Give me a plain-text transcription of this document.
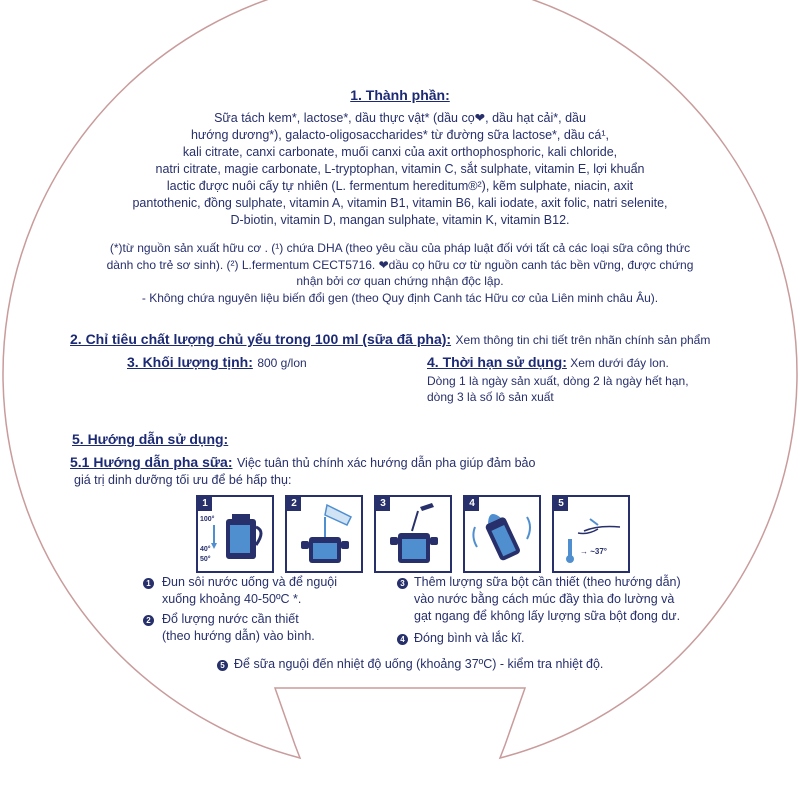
1. Thành phần:
Sữa tách kem*, lactose*, dầu thực vật* (dầu cọ❤, dầu hạt cải*, dầu
hướng dương*), galacto-oligosaccharides* từ đường sữa lactose*, dầu cá¹,
kali citrate, canxi carbonate, muối canxi của axit orthophosphoric, kali chloride,
natri citrate, magie carbonate, L-tryptophan, vitamin C, sắt sulphate, vitamin E, lợi khuẩn
lactic được nuôi cấy tự nhiên (L. fermentum hereditum®²), kẽm sulphate, niacin, axit
pantothenic, đồng sulphate, vitamin A, vitamin B1, vitamin B6, kali iodate, axit folic, natri selenite,
D-biotin, vitamin D, mangan sulphate, vitamin K, vitamin B12.
(*)từ nguồn sản xuất hữu cơ . (¹) chứa DHA (theo yêu cầu của pháp luật đối với tất cả các loại sữa công thức
dành cho trẻ sơ sinh). (²) L.fermentum CECT5716. ❤dầu cọ hữu cơ từ nguồn canh tác bền vững, được chứng
nhận bởi cơ quan chứng nhận độc lập.
- Không chứa nguyên liệu biến đổi gen (theo Quy định Canh tác Hữu cơ của Liên minh châu Âu).
2. Chỉ tiêu chất lượng chủ yếu trong 100 ml (sữa đã pha): Xem thông tin chi tiết trên nhãn chính sản phẩm
3. Khối lượng tịnh: 800 g/lon	4. Thời hạn sử dụng: Xem dưới đáy lon.
Dòng 1 là ngày sản xuất, dòng 2 là ngày hết hạn,
dòng 3 là số lô sản xuất
5. Hướng dẫn sử dụng:
5.1 Hướng dẫn pha sữa: Việc tuân thủ chính xác hướng dẫn pha giúp đảm bảo
giá trị dinh dưỡng tối ưu để bé hấp thụ:
1
100°
40°
50°
2	3	4	5
→ ~37°
1 Đun sôi nước uống và để nguội
xuống khoảng 40-50ºC *.
2 Đổ lượng nước cần thiết
(theo hướng dẫn) vào bình.
3 Thêm lượng sữa bột cần thiết (theo hướng dẫn)
vào nước bằng cách múc đầy thìa đo lường và
gạt ngang để không lấy lượng sữa bột đong dư.
4 Đóng bình và lắc kĩ.
5 Để sữa nguội đến nhiệt độ uống (khoảng 37ºC) - kiểm tra nhiệt độ.
